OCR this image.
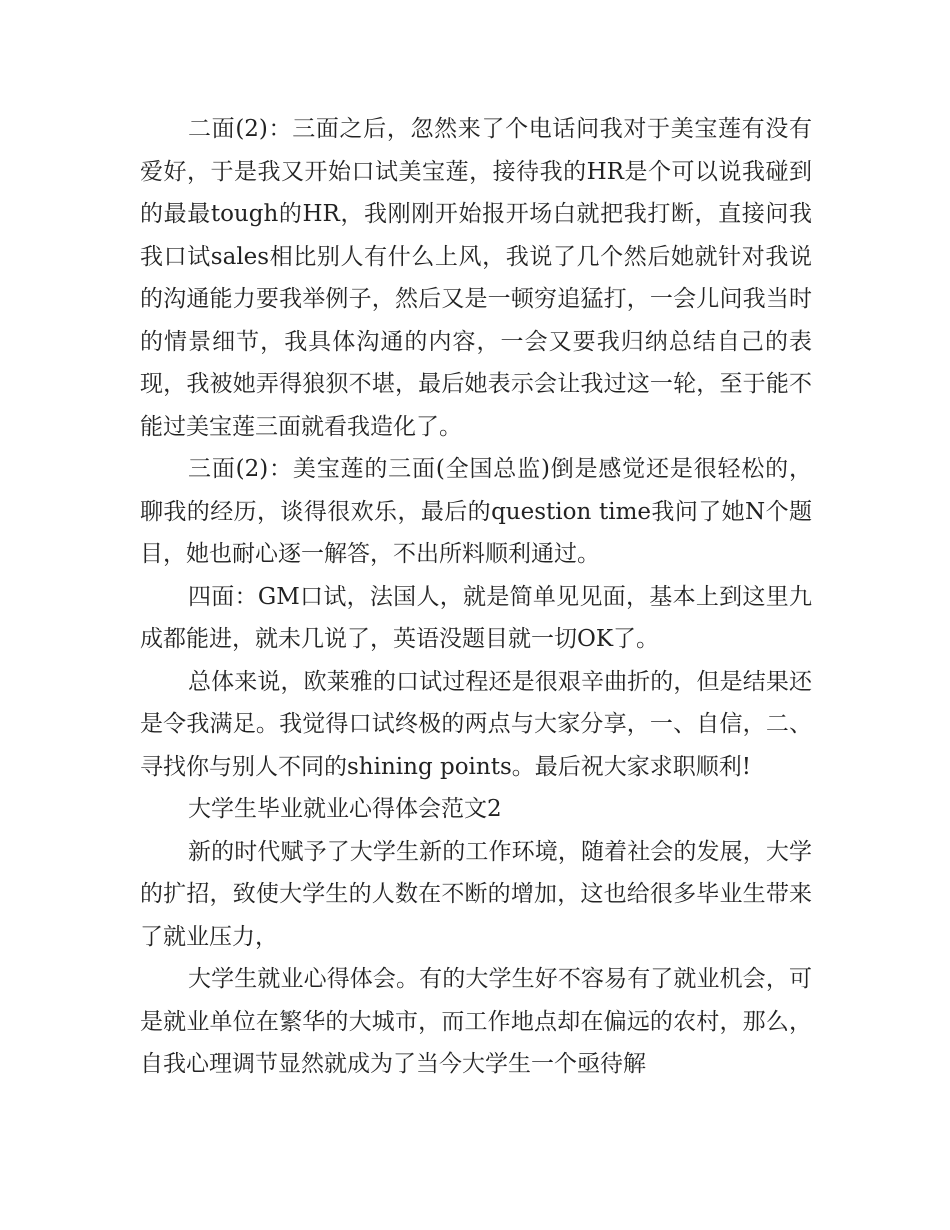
二面(2)：三面之后，忽然来了个电话问我对于美宝莲有没有爱好，于是我又开始口试美宝莲，接待我的HR是个可以说我碰到的最最tough的HR，我刚刚开始报开场白就把我打断，直接问我我口试sales相比别人有什么上风，我说了几个然后她就针对我说的沟通能力要我举例子，然后又是一顿穷追猛打，一会儿问我当时的情景细节，我具体沟通的内容，一会又要我归纳总结自己的表现，我被她弄得狼狈不堪，最后她表示会让我过这一轮，至于能不能过美宝莲三面就看我造化了。

三面(2)：美宝莲的三面(全国总监)倒是感觉还是很轻松的，聊我的经历，谈得很欢乐，最后的question time我问了她N个题目，她也耐心逐一解答，不出所料顺利通过。

四面：GM口试，法国人，就是简单见见面，基本上到这里九成都能进，就未几说了，英语没题目就一切OK了。

总体来说，欧莱雅的口试过程还是很艰辛曲折的，但是结果还是令我满足。我觉得口试终极的两点与大家分享，一、自信，二、寻找你与别人不同的shining points。最后祝大家求职顺利!

大学生毕业就业心得体会范文2

新的时代赋予了大学生新的工作环境，随着社会的发展，大学的扩招，致使大学生的人数在不断的增加，这也给很多毕业生带来了就业压力，

大学生就业心得体会。有的大学生好不容易有了就业机会，可是就业单位在繁华的大城市，而工作地点却在偏远的农村，那么，自我心理调节显然就成为了当今大学生一个亟待解
